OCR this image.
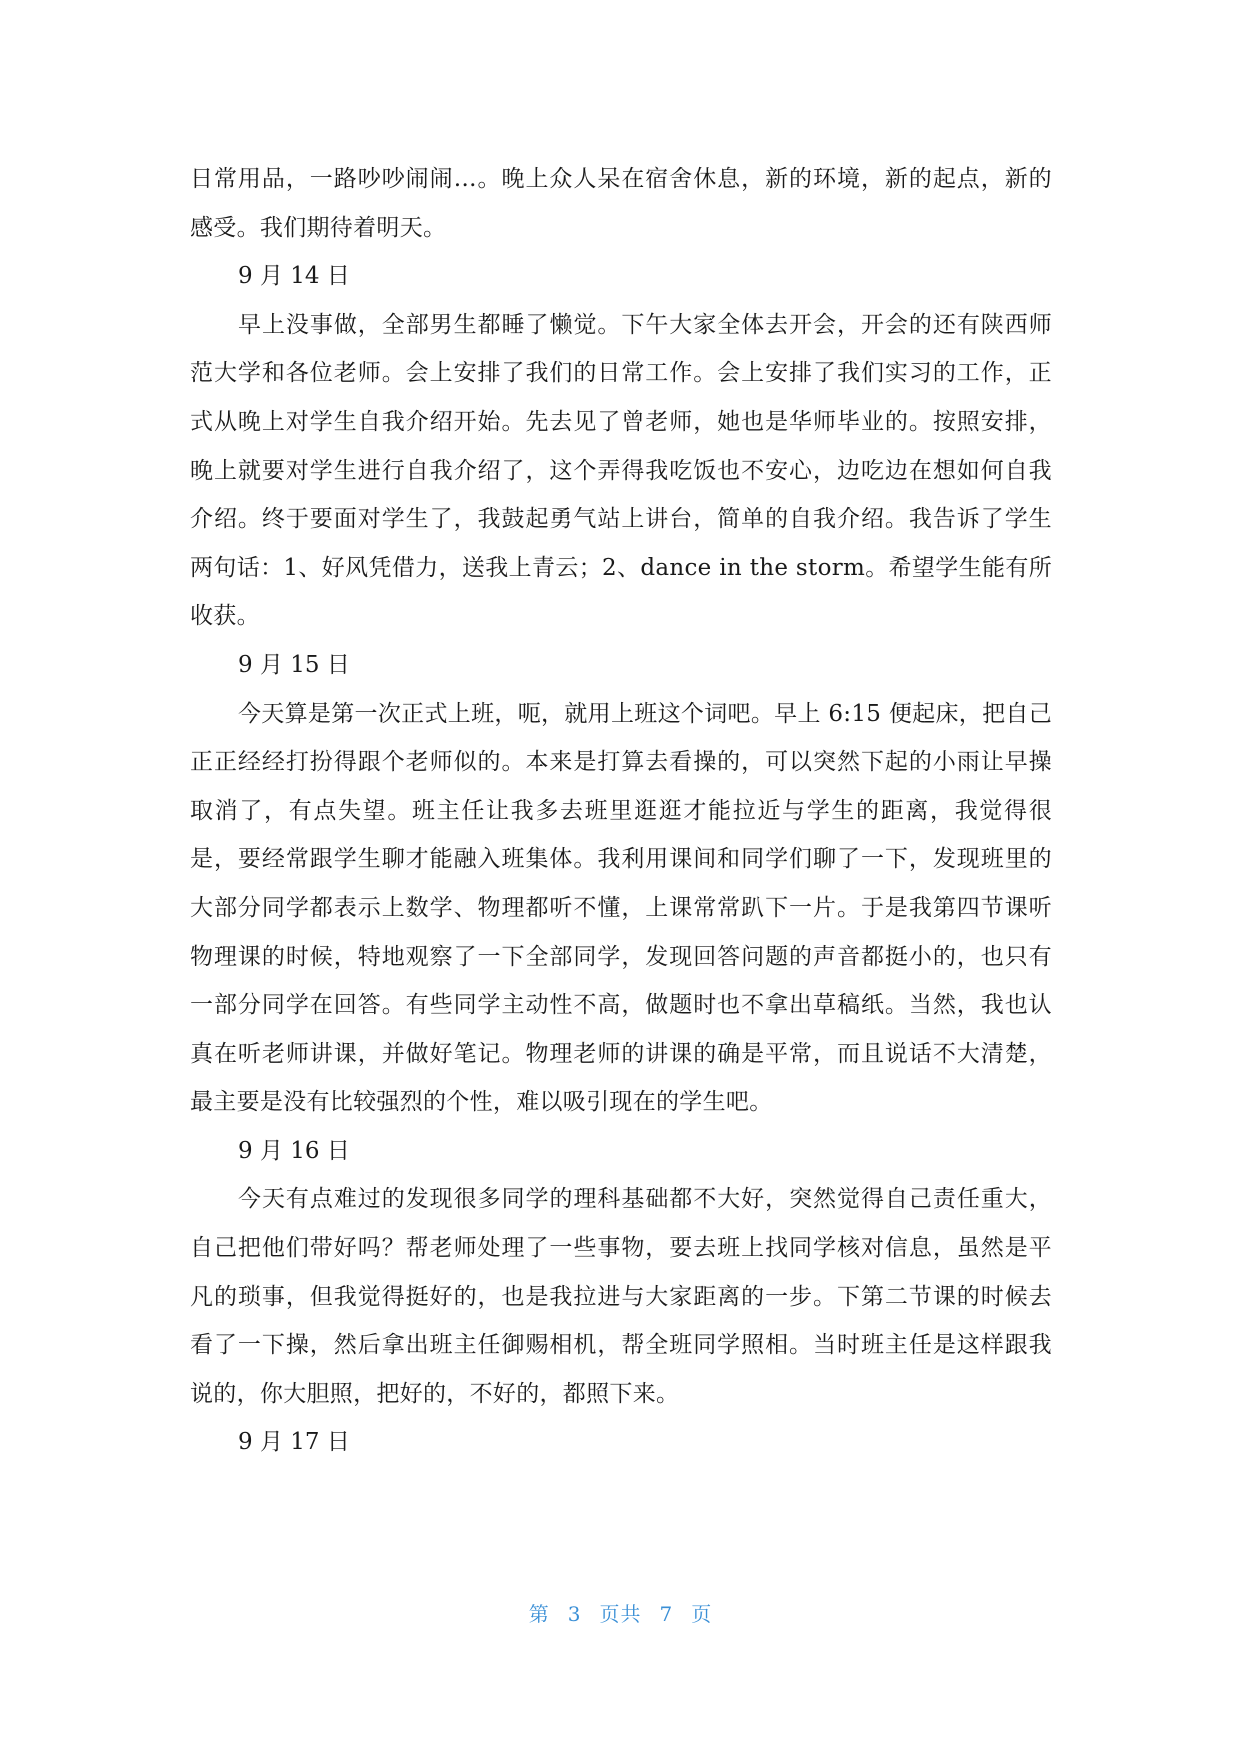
日常用品，一路吵吵闹闹…。晚上众人呆在宿舍休息，新的环境，新的起点，新的感受。我们期待着明天。

9 月 14 日

早上没事做，全部男生都睡了懒觉。下午大家全体去开会，开会的还有陕西师范大学和各位老师。会上安排了我们的日常工作。会上安排了我们实习的工作，正式从晚上对学生自我介绍开始。先去见了曾老师，她也是华师毕业的。按照安排，晚上就要对学生进行自我介绍了，这个弄得我吃饭也不安心，边吃边在想如何自我介绍。终于要面对学生了，我鼓起勇气站上讲台，简单的自我介绍。我告诉了学生两句话：1、好风凭借力，送我上青云；2、dance in the storm。希望学生能有所收获。

9 月 15 日

今天算是第一次正式上班，呃，就用上班这个词吧。早上 6:15 便起床，把自己正正经经打扮得跟个老师似的。本来是打算去看操的，可以突然下起的小雨让早操取消了，有点失望。班主任让我多去班里逛逛才能拉近与学生的距离，我觉得很是，要经常跟学生聊才能融入班集体。我利用课间和同学们聊了一下，发现班里的大部分同学都表示上数学、物理都听不懂，上课常常趴下一片。于是我第四节课听物理课的时候，特地观察了一下全部同学，发现回答问题的声音都挺小的，也只有一部分同学在回答。有些同学主动性不高，做题时也不拿出草稿纸。当然，我也认真在听老师讲课，并做好笔记。物理老师的讲课的确是平常，而且说话不大清楚，最主要是没有比较强烈的个性，难以吸引现在的学生吧。

9 月 16 日

今天有点难过的发现很多同学的理科基础都不大好，突然觉得自己责任重大，自己把他们带好吗？帮老师处理了一些事物，要去班上找同学核对信息，虽然是平凡的琐事，但我觉得挺好的，也是我拉进与大家距离的一步。下第二节课的时候去看了一下操，然后拿出班主任御赐相机，帮全班同学照相。当时班主任是这样跟我说的，你大胆照，把好的，不好的，都照下来。

9 月 17 日

第 3 页共 7 页
